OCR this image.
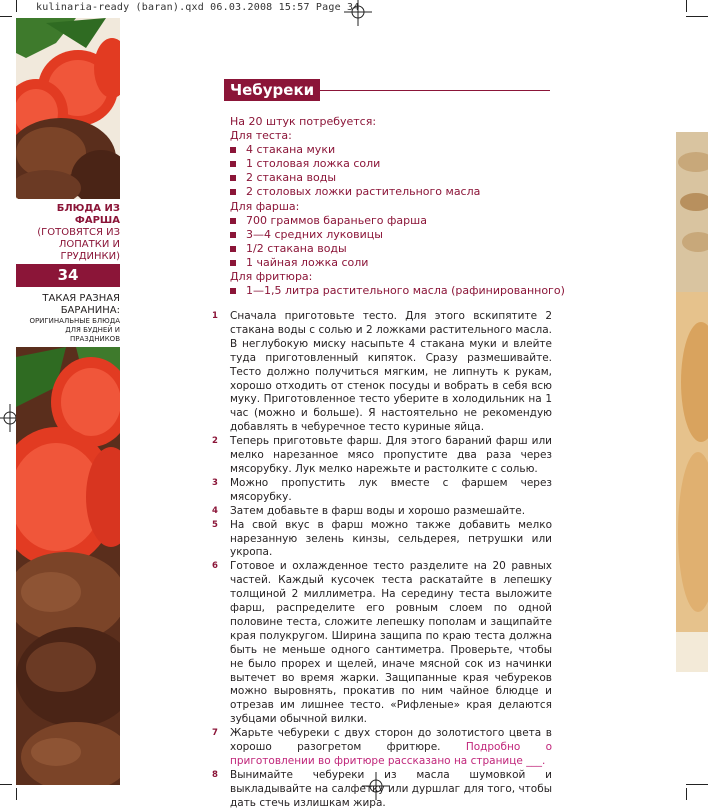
kulinaria-ready (baran).qxd 06.03.2008 15:57 Page 34
БЛЮДА ИЗ ФАРША
(ГОТОВЯТСЯ ИЗ ЛОПАТКИ И ГРУДИНКИ)
34
ТАКАЯ РАЗНАЯ БАРАНИНА:
ОРИГИНАЛЬНЫЕ БЛЮДА ДЛЯ БУДНЕЙ И ПРАЗДНИКОВ
Чебуреки
На 20 штук потребуется:
Для теста:
4 стакана муки
1 столовая ложка соли
2 стакана воды
2 столовых ложки растительного масла
Для фарша:
700 граммов бараньего фарша
3—4 средних луковицы
1/2 стакана воды
1 чайная ложка соли
Для фритюра:
1—1,5 литра растительного масла (рафинированного)
1 Сначала приготовьте тесто. Для этого вскипятите 2 стакана воды с солью и 2 ложками растительного масла. В неглубокую миску насыпьте 4 стакана муки и влейте туда приготовленный кипяток. Сразу размешивайте. Тесто должно получиться мягким, не липнуть к рукам, хорошо отходить от стенок посуды и вобрать в себя всю муку. Приготовленное тесто уберите в холодильник на 1 час (можно и больше). Я настоятельно не рекомендую добавлять в чебуречное тесто куриные яйца.
2 Теперь приготовьте фарш. Для этого бараний фарш или мелко нарезанное мясо пропустите два раза через мясорубку. Лук мелко нарежьте и растолките с солью.
3 Можно пропустить лук вместе с фаршем через мясорубку.
4 Затем добавьте в фарш воды и хорошо размешайте.
5 На свой вкус в фарш можно также добавить мелко нарезанную зелень кинзы, сельдерея, петрушки или укропа.
6 Готовое и охлажденное тесто разделите на 20 равных частей. Каждый кусочек теста раскатайте в лепешку толщиной 2 миллиметра. На середину теста выложите фарш, распределите его ровным слоем по одной половине теста, сложите лепешку пополам и защипайте края полукругом. Ширина защипа по краю теста должна быть не меньше одного сантиметра. Проверьте, чтобы не было прорех и щелей, иначе мясной сок из начинки вытечет во время жарки. Защипанные края чебуреков можно выровнять, прокатив по ним чайное блюдце и отрезав им лишнее тесто. «Рифленые» края делаются зубцами обычной вилки.
7 Жарьте чебуреки с двух сторон до золотистого цвета в хорошо разогретом фритюре. Подробно о приготовлении во фритюре рассказано на странице ___.
8 Вынимайте чебуреки из масла шумовкой и выкладывайте на салфетку или дуршлаг для того, чтобы дать стечь излишкам жира.
